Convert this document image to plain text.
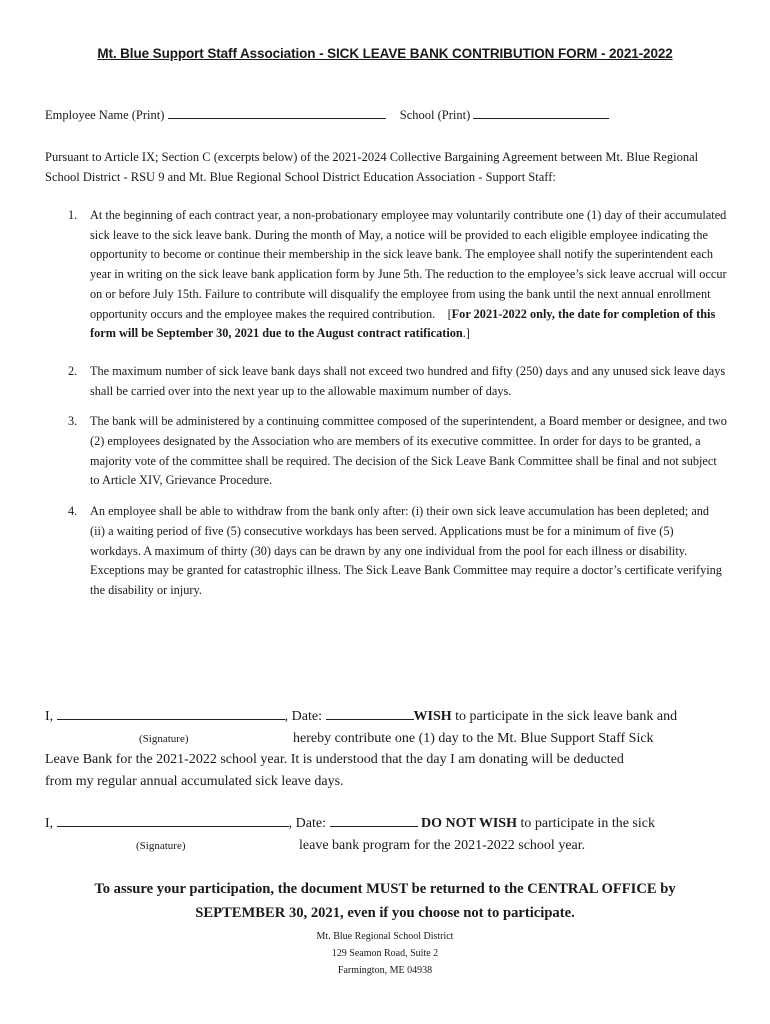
Mt. Blue Support Staff Association - SICK LEAVE BANK CONTRIBUTION FORM - 2021-2022
Employee Name (Print)	School (Print)
Pursuant to Article IX; Section C (excerpts below) of the 2021-2024 Collective Bargaining Agreement between Mt. Blue Regional School District - RSU 9 and Mt. Blue Regional School District Education Association - Support Staff:
1. At the beginning of each contract year, a non-probationary employee may voluntarily contribute one (1) day of their accumulated sick leave to the sick leave bank. During the month of May, a notice will be provided to each eligible employee indicating the opportunity to become or continue their membership in the sick leave bank. The employee shall notify the superintendent each year in writing on the sick leave bank application form by June 5th. The reduction to the employee’s sick leave accrual will occur on or before July 15th. Failure to contribute will disqualify the employee from using the bank until the next annual enrollment opportunity occurs and the employee makes the required contribution. [For 2021-2022 only, the date for completion of this form will be September 30, 2021 due to the August contract ratification.]
2. The maximum number of sick leave bank days shall not exceed two hundred and fifty (250) days and any unused sick leave days shall be carried over into the next year up to the allowable maximum number of days.
3. The bank will be administered by a continuing committee composed of the superintendent, a Board member or designee, and two (2) employees designated by the Association who are members of its executive committee. In order for days to be granted, a majority vote of the committee shall be required. The decision of the Sick Leave Bank Committee shall be final and not subject to Article XIV, Grievance Procedure.
4. An employee shall be able to withdraw from the bank only after: (i) their own sick leave accumulation has been depleted; and (ii) a waiting period of five (5) consecutive workdays has been served. Applications must be for a minimum of five (5) workdays. A maximum of thirty (30) days can be drawn by any one individual from the pool for each illness or disability. Exceptions may be granted for catastrophic illness. The Sick Leave Bank Committee may require a doctor’s certificate verifying the disability or injury.
I,	, Date:	WISH to participate in the sick leave bank and
(Signature)	hereby contribute one (1) day to the Mt. Blue Support Staff Sick
Leave Bank for the 2021-2022 school year. It is understood that the day I am donating will be deducted
from my regular annual accumulated sick leave days.
I,	, Date:	DO NOT WISH to participate in the sick
(Signature)	leave bank program for the 2021-2022 school year.
To assure your participation, the document MUST be returned to the CENTRAL OFFICE by
SEPTEMBER 30, 2021, even if you choose not to participate.
Mt. Blue Regional School District
129 Seamon Road, Suite 2
Farmington, ME 04938
